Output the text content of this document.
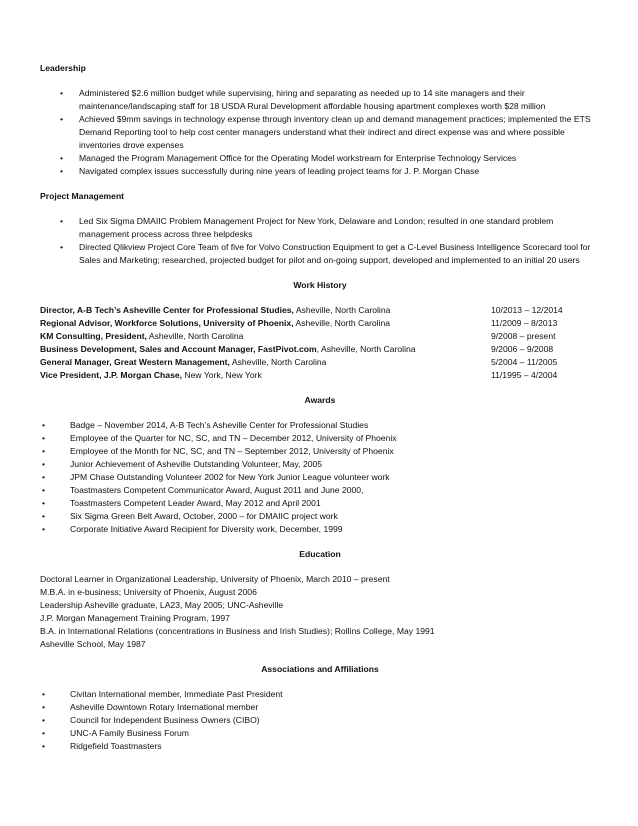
Leadership

• Administered $2.6 million budget while supervising, hiring and separating as needed up to 14 site managers and their maintenance/landscaping staff for 18 USDA Rural Development affordable housing apartment complexes worth $28 million
• Achieved $9mm savings in technology expense through inventory clean up and demand management practices; implemented the ETS Demand Reporting tool to help cost center managers understand what their indirect and direct expense was and where possible inventories drove expenses
• Managed the Program Management Office for the Operating Model workstream for Enterprise Technology Services
• Navigated complex issues successfully during nine years of leading project teams for J. P. Morgan Chase

Project Management

• Led Six Sigma DMAIIC Problem Management Project for New York, Delaware and London; resulted in one standard problem management process across three helpdesks
• Directed Qlikview Project Core Team of five for Volvo Construction Equipment to get a C-Level Business Intelligence Scorecard tool for Sales and Marketing; researched, projected budget for pilot and on-going support, developed and implemented to an initial 20 users

Work History

Director, A-B Tech’s Asheville Center for Professional Studies, Asheville, North Carolina	10/2013 – 12/2014
Regional Advisor, Workforce Solutions, University of Phoenix, Asheville, North Carolina	11/2009 – 8/2013
KM Consulting, President, Asheville, North Carolina	9/2008 – present
Business Development, Sales and Account Manager, FastPivot.com, Asheville, North Carolina	9/2006 – 9/2008
General Manager, Great Western Management, Asheville, North Carolina	5/2004 – 11/2005
Vice President, J.P. Morgan Chase, New York, New York	11/1995 – 4/2004

Awards

• Badge – November 2014, A-B Tech’s Asheville Center for Professional Studies
• Employee of the Quarter for NC, SC, and TN – December 2012, University of Phoenix
• Employee of the Month for NC, SC, and TN – September 2012, University of Phoenix
• Junior Achievement of Asheville Outstanding Volunteer, May, 2005
• JPM Chase Outstanding Volunteer 2002 for New York Junior League volunteer work
• Toastmasters Competent Communicator Award, August 2011 and June 2000,
• Toastmasters Competent Leader Award, May 2012 and April 2001
• Six Sigma Green Belt Award, October, 2000 – for DMAIIC project work
• Corporate Initiative Award Recipient for Diversity work, December, 1999

Education

Doctoral Learner in Organizational Leadership, University of Phoenix, March 2010 – present
M.B.A. in e-business; University of Phoenix, August 2006
Leadership Asheville graduate, LA23, May 2005; UNC-Asheville
J.P. Morgan Management Training Program, 1997
B.A. in International Relations (concentrations in Business and Irish Studies); Rollins College, May 1991
Asheville School, May 1987

Associations and Affiliations

• Civitan International member, Immediate Past President
• Asheville Downtown Rotary International member
• Council for Independent Business Owners (CIBO)
• UNC-A Family Business Forum
• Ridgefield Toastmasters
